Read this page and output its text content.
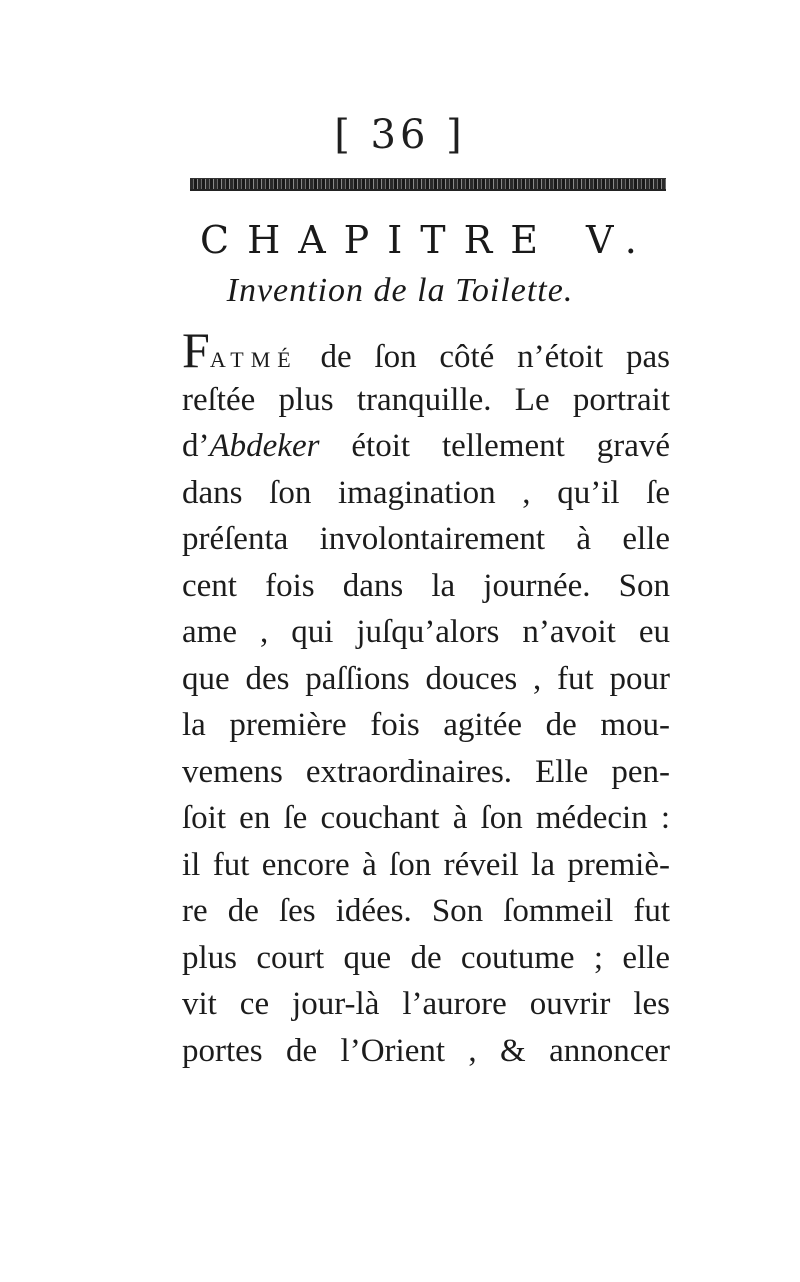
[ 36 ]
CHAPITRE V.
Invention de la Toilette.
FATMÉ de ſon côté n’étoit pas
reſtée plus tranquille. Le portrait
d’Abdeker étoit tellement gravé
dans ſon imagination , qu’il ſe
préſenta involontairement à elle
cent fois dans la journée. Son
ame , qui juſqu’alors n’avoit eu
que des paſſions douces , fut pour
la première fois agitée de mou-
vemens extraordinaires. Elle pen-
ſoit en ſe couchant à ſon médecin :
il fut encore à ſon réveil la premiè-
re de ſes idées. Son ſommeil fut
plus court que de coutume ; elle
vit ce jour-là l’aurore ouvrir les
portes de l’Orient , & annoncer
